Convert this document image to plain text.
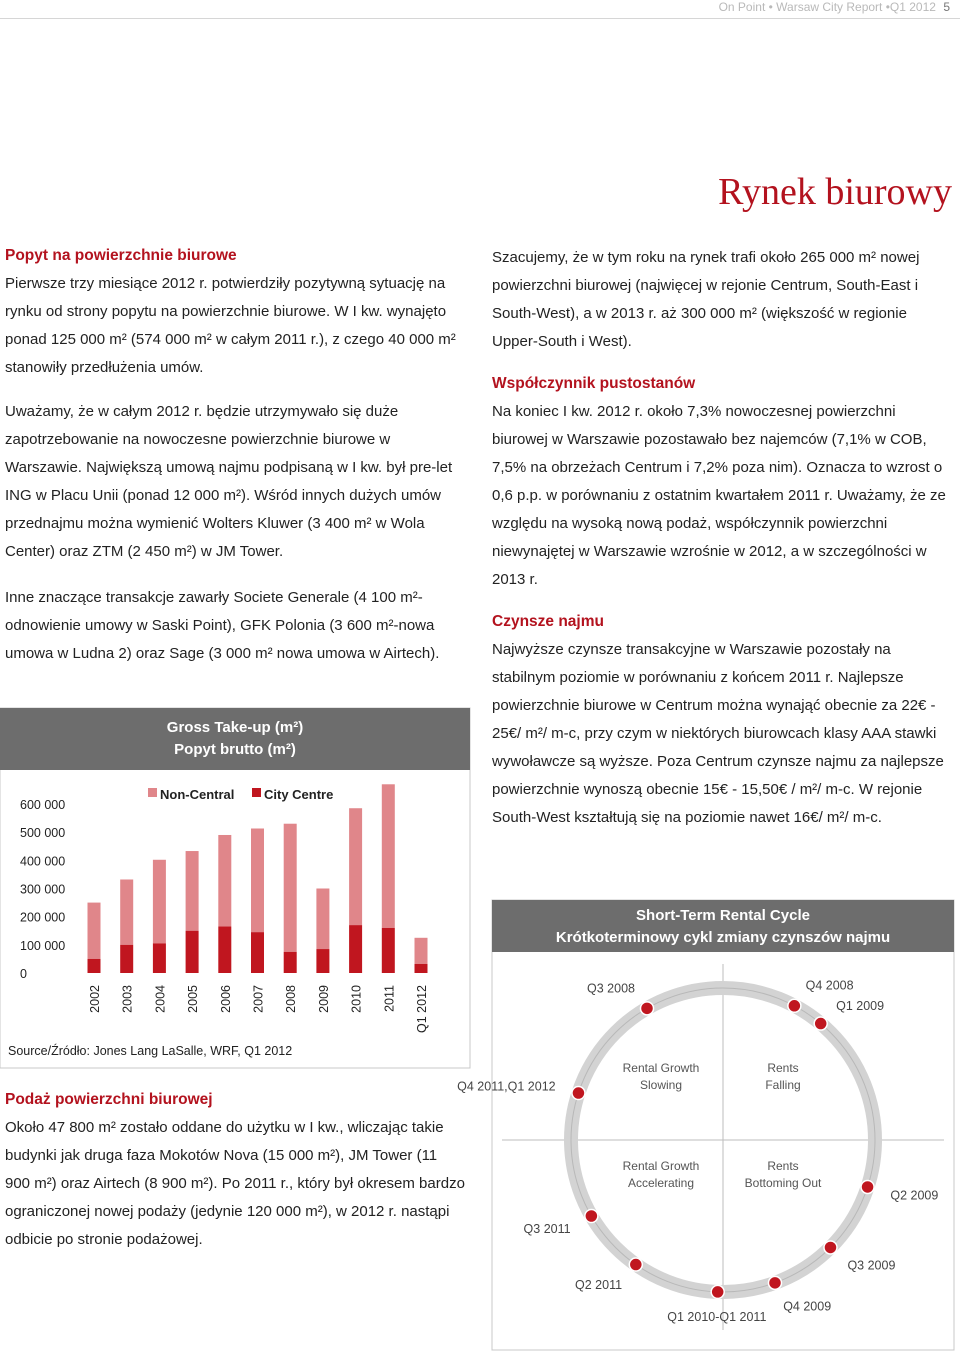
On Point • Warsaw City Report •Q1 2012 5
Rynek biurowy
Popyt na powierzchnie biurowe

Pierwsze trzy miesiące 2012 r. potwierdziły pozytywną sytuację na rynku od strony popytu na powierzchnie biurowe. W I kw. wynajęto ponad 125 000 m² (574 000 m² w całym 2011 r.), z czego 40 000 m² stanowiły przedłużenia umów.

Uważamy, że w całym 2012 r. będzie utrzymywało się duże zapotrzebowanie na nowoczesne powierzchnie biurowe w Warszawie. Największą umową najmu podpisaną w I kw. był pre-let ING w Placu Unii (ponad 12 000 m²). Wśród innych dużych umów przednajmu można wymienić Wolters Kluwer (3 400 m² w Wola Center) oraz ZTM (2 450 m²) w JM Tower.

Inne znaczące transakcje zawarły Societe Generale (4 100 m²-odnowienie umowy w Saski Point), GFK Polonia (3 600 m²-nowa umowa w Ludna 2) oraz Sage (3 000 m² nowa umowa w Airtech).

Gross Take-up (m²)
Popyt brutto (m²)
0
100 000
200 000
300 000
400 000
500 000
600 000
Non-Central City Centre
2002 2003 2004 2005 2006 2007 2008 2009 2010 2011 Q1 2012
Source/Źródło: Jones Lang LaSalle, WRF, Q1 2012
Podaż powierzchni biurowej

Około 47 800 m² zostało oddane do użytku w I kw., wliczając takie budynki jak druga faza Mokotów Nova (15 000 m²), JM Tower (11 900 m²) oraz Airtech (8 900 m²). Po 2011 r., który był okresem bardzo ograniczonej nowej podaży (jedynie 120 000 m²), w 2012 r. nastąpi odbicie po stronie podażowej.

Szacujemy, że w tym roku na rynek trafi około 265 000 m² nowej powierzchni biurowej (najwięcej w rejonie Centrum, South-East i South-West), a w 2013 r. aż 300 000 m² (większość w regionie Upper-South i West).

Współczynnik pustostanów

Na koniec I kw. 2012 r. około 7,3% nowoczesnej powierzchni biurowej w Warszawie pozostawało bez najemców (7,1% w COB, 7,5% na obrzeżach Centrum i 7,2% poza nim). Oznacza to wzrost o 0,6 p.p. w porównaniu z ostatnim kwartałem 2011 r. Uważamy, że ze względu na wysoką nową podaż, współczynnik powierzchni niewynajętej w Warszawie wzrośnie w 2012, a w szczególności w 2013 r.

Czynsze najmu

Najwyższe czynsze transakcyjne w Warszawie pozostały na stabilnym poziomie w porównaniu z końcem 2011 r. Najlepsze powierzchnie biurowe w Centrum można wynająć obecnie za 22€ - 25€/ m²/ m-c, przy czym w niektórych biurowcach klasy AAA stawki wywoławcze są wyższe. Poza Centrum czynsze najmu za najlepsze powierzchnie wynoszą obecnie 15€ - 15,50€ / m²/ m-c. W rejonie South-West kształtują się na poziomie nawet 16€/ m²/ m-c.

Short-Term Rental Cycle
Krótkoterminowy cykl zmiany czynszów najmu
Rental Growth
Slowing
Rents
Falling
Rental Growth
Accelerating
Rents
Bottoming Out
Q3 2008	Q4 2008
Q1 2009
Q4 2011,Q1 2012
Q2 2009
Q3 2009
Q3 2011
Q4 2009
Q2 2011
Q1 2010-Q1 2011
